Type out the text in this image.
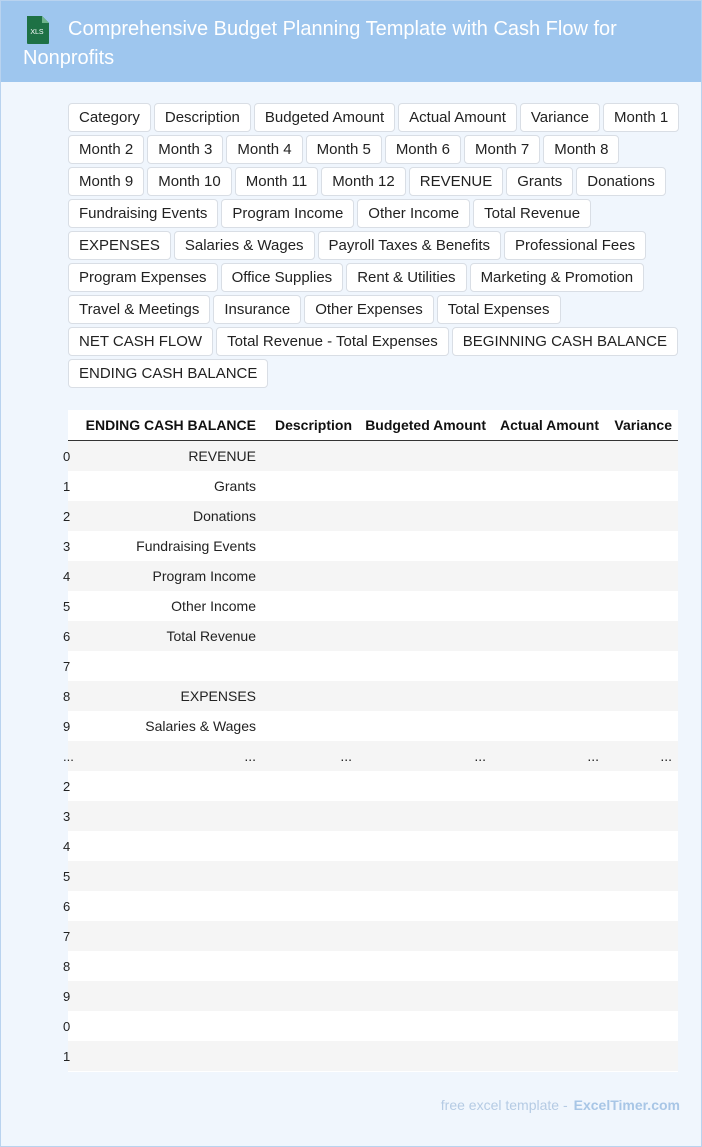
XLS	Comprehensive Budget Planning Template with Cash Flow for Nonprofits
Category	Description	Budgeted Amount	Actual Amount	Variance	Month 1
Month 2	Month 3	Month 4	Month 5	Month 6	Month 7	Month 8
Month 9	Month 10	Month 11	Month 12	REVENUE	Grants	Donations
Fundraising Events	Program Income	Other Income	Total Revenue
EXPENSES	Salaries & Wages	Payroll Taxes & Benefits	Professional Fees
Program Expenses	Office Supplies	Rent & Utilities	Marketing & Promotion
Travel & Meetings	Insurance	Other Expenses	Total Expenses
NET CASH FLOW	Total Revenue - Total Expenses	BEGINNING CASH BALANCE
ENDING CASH BALANCE
	ENDING CASH BALANCE	Description	Budgeted Amount	Actual Amount	Variance
0	REVENUE				
1	Grants				
2	Donations				
3	Fundraising Events				
4	Program Income				
5	Other Income				
6	Total Revenue				
7					
8	EXPENSES				
9	Salaries & Wages				
...	...	...	...	...	...
2					
3					
4					
5					
6					
7					
8					
9					
0					
1					
free excel template - ExcelTimer.com
